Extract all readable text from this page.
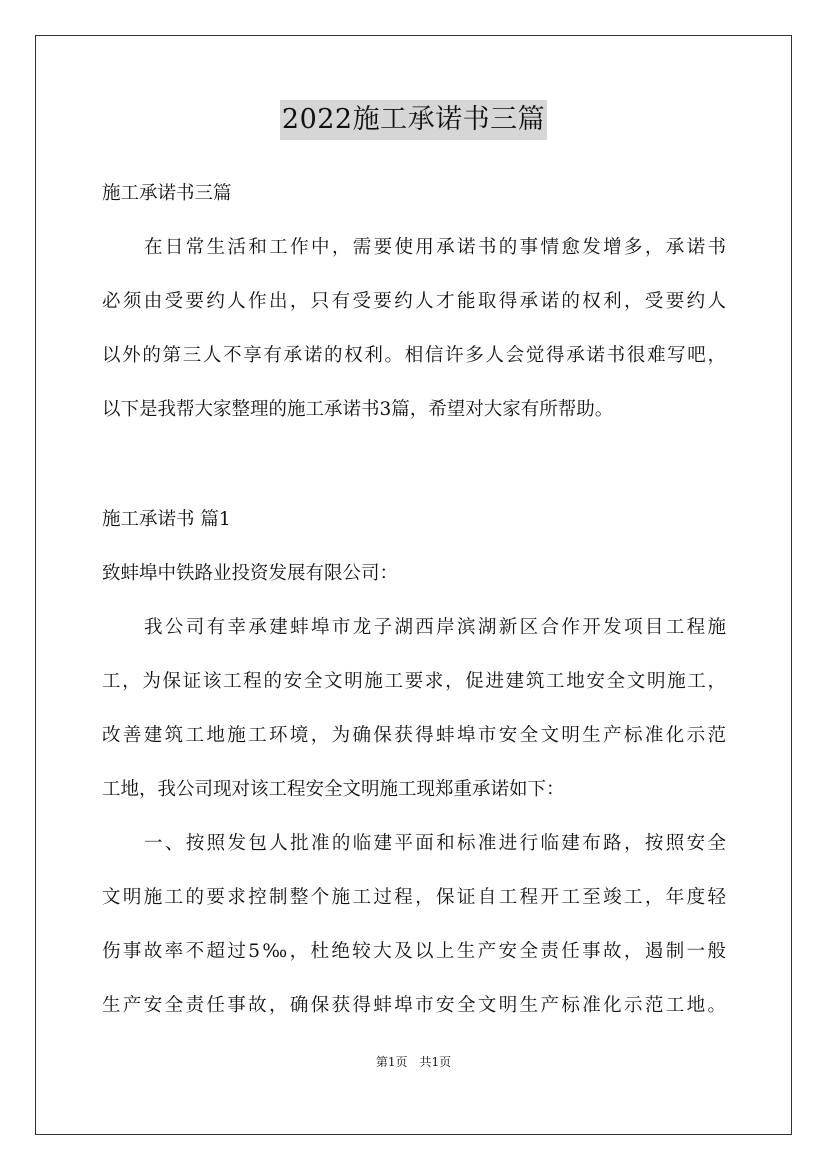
2022施工承诺书三篇
施工承诺书三篇
在日常生活和工作中，需要使用承诺书的事情愈发增多，承诺书
必须由受要约人作出，只有受要约人才能取得承诺的权利，受要约人
以外的第三人不享有承诺的权利。相信许多人会觉得承诺书很难写吧，
以下是我帮大家整理的施工承诺书3篇，希望对大家有所帮助。
施工承诺书 篇1
致蚌埠中铁路业投资发展有限公司：
我公司有幸承建蚌埠市龙子湖西岸滨湖新区合作开发项目工程施
工，为保证该工程的安全文明施工要求，促进建筑工地安全文明施工，
改善建筑工地施工环境，为确保获得蚌埠市安全文明生产标准化示范
工地，我公司现对该工程安全文明施工现郑重承诺如下：
一、按照发包人批准的临建平面和标准进行临建布路，按照安全
文明施工的要求控制整个施工过程，保证自工程开工至竣工，年度轻
伤事故率不超过5‰，杜绝较大及以上生产安全责任事故，遏制一般
生产安全责任事故，确保获得蚌埠市安全文明生产标准化示范工地。
第1页　共1页
